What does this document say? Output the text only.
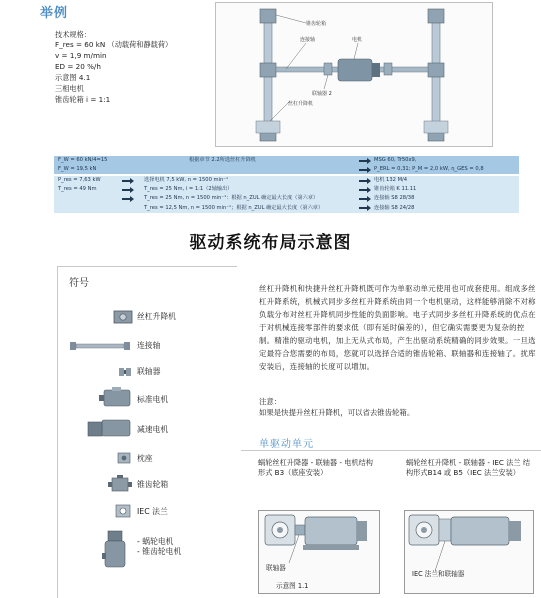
举例
技术规格：
F_res = 60 kN （动载荷和静载荷）
v = 1,9 m/min
ED = 20 %/h
示意图 4.1
三相电机
锥齿轮箱 i = 1:1
锥齿轮箱
连接轴	电机
联轴器 2
丝杠升降机
F_W = 60 kN/4=15	根据章节 2.2所选丝杠升降机	MSG 60, Tr50x9,
F_W = 19,5 kN	P_ERL = 0,31; P_M = 2,0 kW, η_GES = 0,8
P_res = 7,63 kW	选择电机 7,5 kW, n = 1500 min⁻¹	电机 132 M/4
T_res = 49 Nm	T_res = 25 Nm, i = 1:1（2轴输出）	锥齿轮箱 K 11.11
T_res = 25 Nm, n = 1500 min⁻¹：根据 n_ZUL 确定最大长度（第六章）	连接轴 S8 28/38
T_res = 12,5 Nm, n = 1500 min⁻¹；根据 n_ZUL 确定最大长度（第六章）	连接轴 S8 24/28
驱动系统布局示意图
符号
丝杠升降机
连接轴
联轴器
标准电机
减速电机
枕座
锥齿轮箱
IEC 法兰
- 蜗轮电机
- 锥齿轮电机
丝杠升降机和快捷升丝杠升降机既可作为单驱动单元使用也可成套使用。组成多丝杠升降系统，机械式同步多丝杠升降系统由同一个电机驱动，这样能够消除不对称负载分布对丝杠升降机同步性能的负面影响。电子式同步多丝杠升降系统的优点在于对机械连接零部件的要求低（即有延时偏差的），但它确实需要更为复杂的控制。精准的驱动电机，加上无从式布局，产生出驱动系统精确的同步效果。一旦选定最符合您需要的布局，您就可以选择合适的锥齿轮箱、联轴器和连接轴了。扰库安装后，连接轴的长度可以增加。
注意：
如果是快提升丝杠升降机，可以省去锥齿轮箱。
单驱动单元
蜗轮丝杠升降器 - 联轴器 - 电机结构形式 B3（底座安装）
蜗轮丝杠升降机 - 联轴器 - IEC 法兰 结构形式B14 或 B5（IEC 法兰安装）
联轴器
示意图 1.1
IEC 法兰和联轴器
